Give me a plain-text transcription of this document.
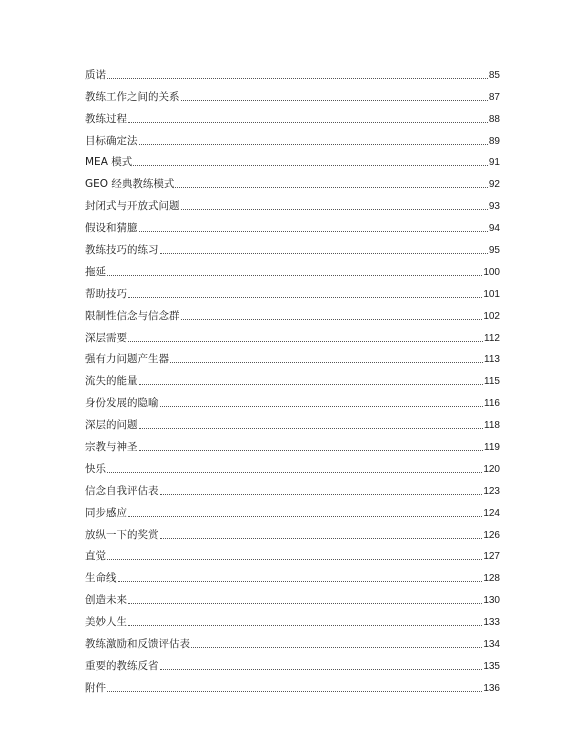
质诺	85
教练工作之间的关系	87
教练过程	88
目标确定法	89
MEA 模式	91
GEO 经典教练模式	92
封闭式与开放式问题	93
假设和猜臆	94
教练技巧的练习	95
拖延	100
帮助技巧	101
限制性信念与信念群	102
深层需要	112
强有力问题产生器	113
流失的能量	115
身份发展的隐喻	116
深层的问题	118
宗教与神圣	119
快乐	120
信念自我评估表	123
同步感应	124
放纵一下的奖赏	126
直觉	127
生命线	128
创造未来	130
美妙人生	133
教练激励和反馈评估表	134
重要的教练反省	135
附件	136
